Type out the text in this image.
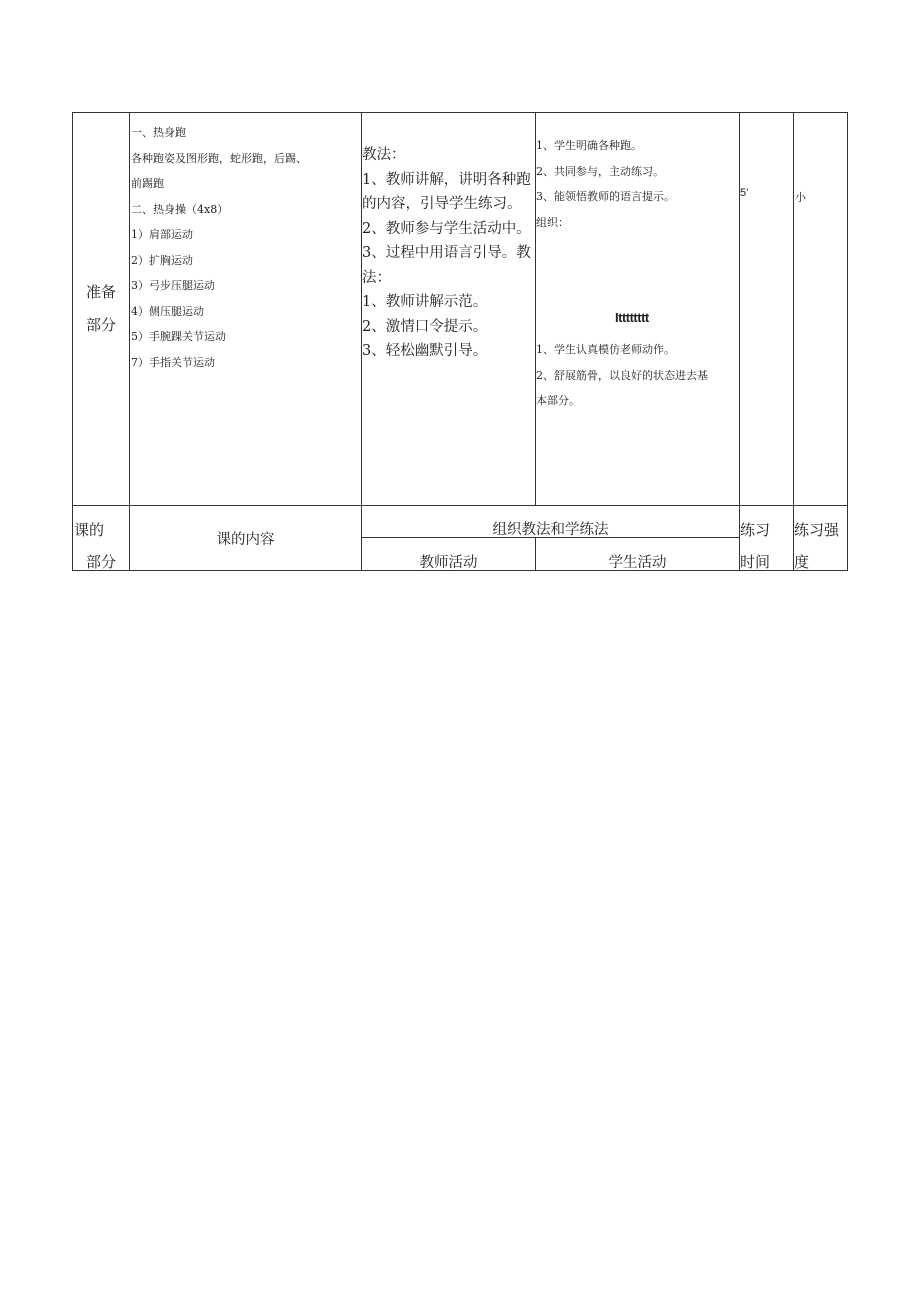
准备
部分
一、热身跑
各种跑姿及图形跑，蛇形跑，后踢、
前踢跑
二、热身操（4x8）
1）肩部运动
2）扩胸运动
3）弓步压腿运动
4）侧压腿运动
5）手腕踝关节运动
7）手指关节运动
教法：
1、教师讲解，讲明各种跑
的内容，引导学生练习。
2、教师参与学生活动中。
3、过程中用语言引导。教
法：
1、教师讲解示范。
2、激情口令提示。
3、轻松幽默引导。
1、学生明确各种跑。
2、共同参与，主动练习。
3、能领悟教师的语言提示。
组织：
Itttttttt
1、学生认真模仿老师动作。
2、舒展筋骨，以良好的状态进去基
本部分。
5’	小
课的
部分
课的内容
组织教法和学练法
教师活动	学生活动
练习
时间
练习强
度
